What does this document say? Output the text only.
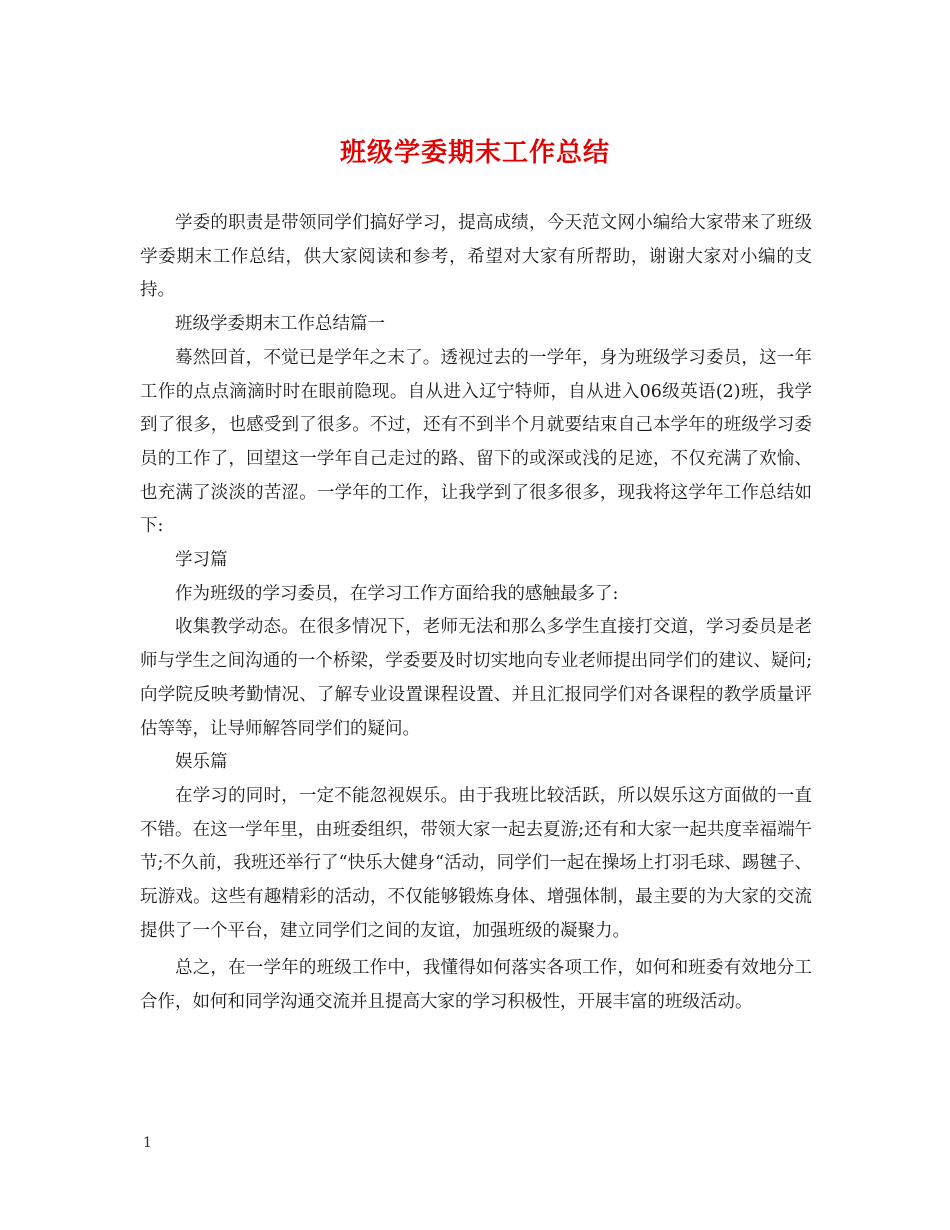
班级学委期末工作总结

学委的职责是带领同学们搞好学习，提高成绩，今天范文网小编给大家带来了班级学委期末工作总结，供大家阅读和参考，希望对大家有所帮助，谢谢大家对小编的支持。

班级学委期末工作总结篇一

蓦然回首，不觉已是学年之末了。透视过去的一学年，身为班级学习委员，这一年工作的点点滴滴时时在眼前隐现。自从进入辽宁特师，自从进入06级英语(2)班，我学到了很多，也感受到了很多。不过，还有不到半个月就要结束自己本学年的班级学习委员的工作了，回望这一学年自己走过的路、留下的或深或浅的足迹，不仅充满了欢愉、也充满了淡淡的苦涩。一学年的工作，让我学到了很多很多，现我将这学年工作总结如下:

学习篇

作为班级的学习委员，在学习工作方面给我的感触最多了:

收集教学动态。在很多情况下，老师无法和那么多学生直接打交道，学习委员是老师与学生之间沟通的一个桥梁，学委要及时切实地向专业老师提出同学们的建议、疑问;向学院反映考勤情况、了解专业设置课程设置、并且汇报同学们对各课程的教学质量评估等等，让导师解答同学们的疑问。

娱乐篇

在学习的同时，一定不能忽视娱乐。由于我班比较活跃，所以娱乐这方面做的一直不错。在这一学年里，由班委组织，带领大家一起去夏游;还有和大家一起共度幸福端午节;不久前，我班还举行了“快乐大健身“活动，同学们一起在操场上打羽毛球、踢毽子、玩游戏。这些有趣精彩的活动，不仅能够锻炼身体、增强体制，最主要的为大家的交流提供了一个平台，建立同学们之间的友谊，加强班级的凝聚力。

总之，在一学年的班级工作中，我懂得如何落实各项工作，如何和班委有效地分工合作，如何和同学沟通交流并且提高大家的学习积极性，开展丰富的班级活动。

1
